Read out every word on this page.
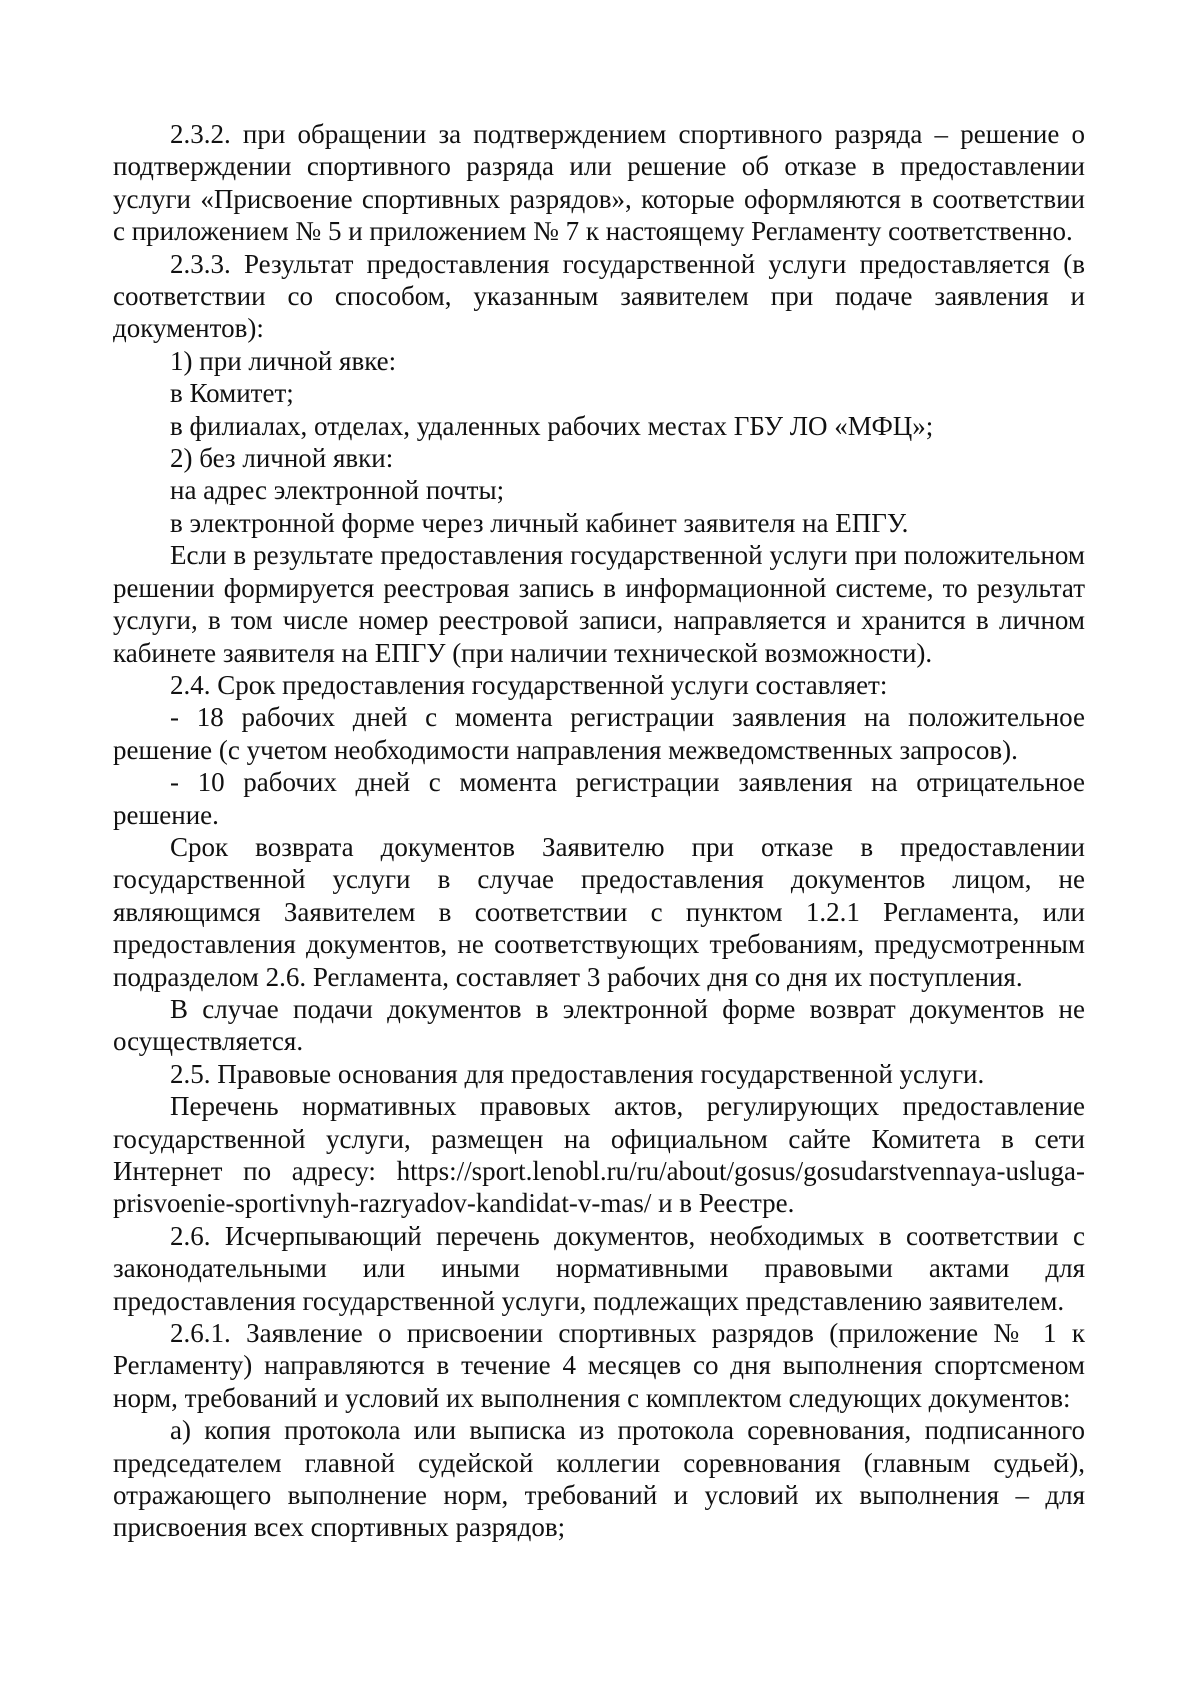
2.3.2. при обращении за подтверждением спортивного разряда – решение о подтверждении спортивного разряда или решение об отказе в предоставлении услуги «Присвоение спортивных разрядов», которые оформляются в соответствии с приложением № 5 и приложением № 7 к настоящему Регламенту соответственно.

2.3.3. Результат предоставления государственной услуги предоставляется (в соответствии со способом, указанным заявителем при подаче заявления и документов):

1) при личной явке:

в Комитет;

в филиалах, отделах, удаленных рабочих местах ГБУ ЛО «МФЦ»;

2) без личной явки:

на адрес электронной почты;

в электронной форме через личный кабинет заявителя на ЕПГУ.

Если в результате предоставления государственной услуги при положительном решении формируется реестровая запись в информационной системе, то результат услуги, в том числе номер реестровой записи, направляется и хранится в личном кабинете заявителя на ЕПГУ (при наличии технической возможности).

2.4. Срок предоставления государственной услуги составляет:

- 18 рабочих дней с момента регистрации заявления на положительное решение (с учетом необходимости направления межведомственных запросов).

- 10 рабочих дней с момента регистрации заявления на отрицательное решение.

Срок возврата документов Заявителю при отказе в предоставлении государственной услуги в случае предоставления документов лицом, не являющимся Заявителем в соответствии с пунктом 1.2.1 Регламента, или предоставления документов, не соответствующих требованиям, предусмотренным подразделом 2.6. Регламента, составляет 3 рабочих дня со дня их поступления.

В случае подачи документов в электронной форме возврат документов не осуществляется.

2.5. Правовые основания для предоставления государственной услуги.

Перечень нормативных правовых актов, регулирующих предоставление государственной услуги, размещен на официальном сайте Комитета в сети Интернет по адресу: https://sport.lenobl.ru/ru/about/gosus/gosudarstvennaya-usluga-prisvoenie-sportivnyh-razryadov-kandidat-v-mas/ и в Реестре.

2.6. Исчерпывающий перечень документов, необходимых в соответствии с законодательными или иными нормативными правовыми актами для предоставления государственной услуги, подлежащих представлению заявителем.

2.6.1. Заявление о присвоении спортивных разрядов (приложение № 1 к Регламенту) направляются в течение 4 месяцев со дня выполнения спортсменом норм, требований и условий их выполнения с комплектом следующих документов:

а) копия протокола или выписка из протокола соревнования, подписанного председателем главной судейской коллегии соревнования (главным судьей), отражающего выполнение норм, требований и условий их выполнения – для присвоения всех спортивных разрядов;
